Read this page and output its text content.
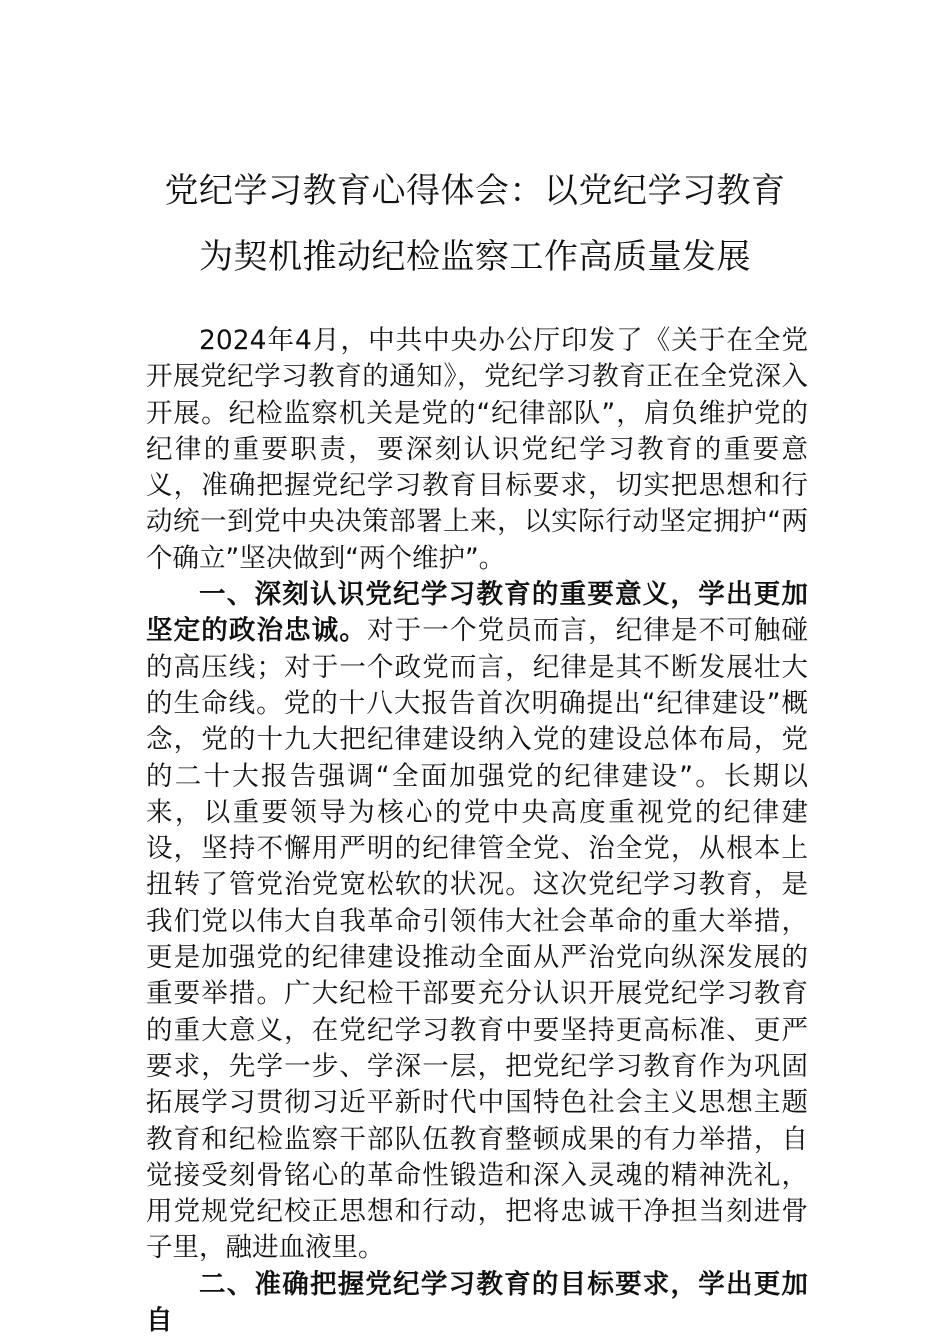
党纪学习教育心得体会：以党纪学习教育
为契机推动纪检监察工作高质量发展

2024年4月，中共中央办公厅印发了《关于在全党开展党纪学习教育的通知》，党纪学习教育正在全党深入开展。纪检监察机关是党的“纪律部队”，肩负维护党的纪律的重要职责，要深刻认识党纪学习教育的重要意义，准确把握党纪学习教育目标要求，切实把思想和行动统一到党中央决策部署上来，以实际行动坚定拥护“两个确立”坚决做到“两个维护”。

一、深刻认识党纪学习教育的重要意义，学出更加坚定的政治忠诚。对于一个党员而言，纪律是不可触碰的高压线；对于一个政党而言，纪律是其不断发展壮大的生命线。党的十八大报告首次明确提出“纪律建设”概念，党的十九大把纪律建设纳入党的建设总体布局，党的二十大报告强调“全面加强党的纪律建设”。长期以来，以重要领导为核心的党中央高度重视党的纪律建设，坚持不懈用严明的纪律管全党、治全党，从根本上扭转了管党治党宽松软的状况。这次党纪学习教育，是我们党以伟大自我革命引领伟大社会革命的重大举措，更是加强党的纪律建设推动全面从严治党向纵深发展的重要举措。广大纪检干部要充分认识开展党纪学习教育的重大意义，在党纪学习教育中要坚持更高标准、更严要求，先学一步、学深一层，把党纪学习教育作为巩固拓展学习贯彻习近平新时代中国特色社会主义思想主题教育和纪检监察干部队伍教育整顿成果的有力举措，自觉接受刻骨铭心的革命性锻造和深入灵魂的精神洗礼，用党规党纪校正思想和行动，把将忠诚干净担当刻进骨子里，融进血液里。

二、准确把握党纪学习教育的目标要求，学出更加自
